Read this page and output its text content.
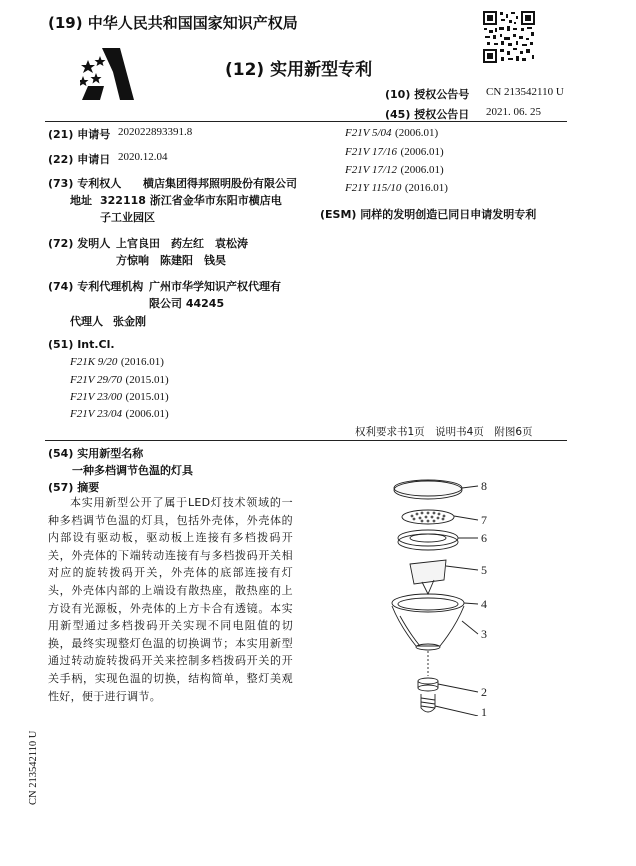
(19) 中华人民共和国国家知识产权局
(12) 实用新型专利
(10) 授权公告号 CN 213542110 U
(45) 授权公告日 2021. 06. 25
(21) 申请号 202022893391.8
(22) 申请日 2020.12.04
(73) 专利权人 横店集团得邦照明股份有限公司
地址 322118 浙江省金华市东阳市横店电
子工业园区
(72) 发明人 上官良田　药左红　袁松涛
方惊响　陈建阳　钱昊
(74) 专利代理机构 广州市华学知识产权代理有
限公司 44245
代理人 张金刚
(51) Int.Cl.
F21K 9/20 (2016.01)
F21V 29/70 (2015.01)
F21V 23/00 (2015.01)
F21V 23/04 (2006.01)
F21V 5/04 (2006.01)
F21V 17/16 (2006.01)
F21V 17/12 (2006.01)
F21Y 115/10 (2016.01)
(ESM) 同样的发明创造已同日申请发明专利
权利要求书1页　说明书4页　附图6页
(54) 实用新型名称
一种多档调节色温的灯具
(57) 摘要
本实用新型公开了属于LED灯技术领域的一种多档调节色温的灯具，包括外壳体，外壳体的内部设有驱动板，驱动板上连接有多档拨码开关，外壳体的下端转动连接有与多档拨码开关相对应的旋转拨码开关，外壳体的底部连接有灯头，外壳体内部的上端设有散热座，散热座的上方设有光源板，外壳体的上方卡合有透镜。本实用新型通过多档拨码开关实现不同电阻值的切换，最终实现整灯色温的切换调节；本实用新型通过转动旋转拨码开关来控制多档拨码开关的开关手柄，实现色温的切换，结构简单，整灯美观性好，便于进行调节。
8
7
6
5
4
3
2
1
CN 213542110 U
